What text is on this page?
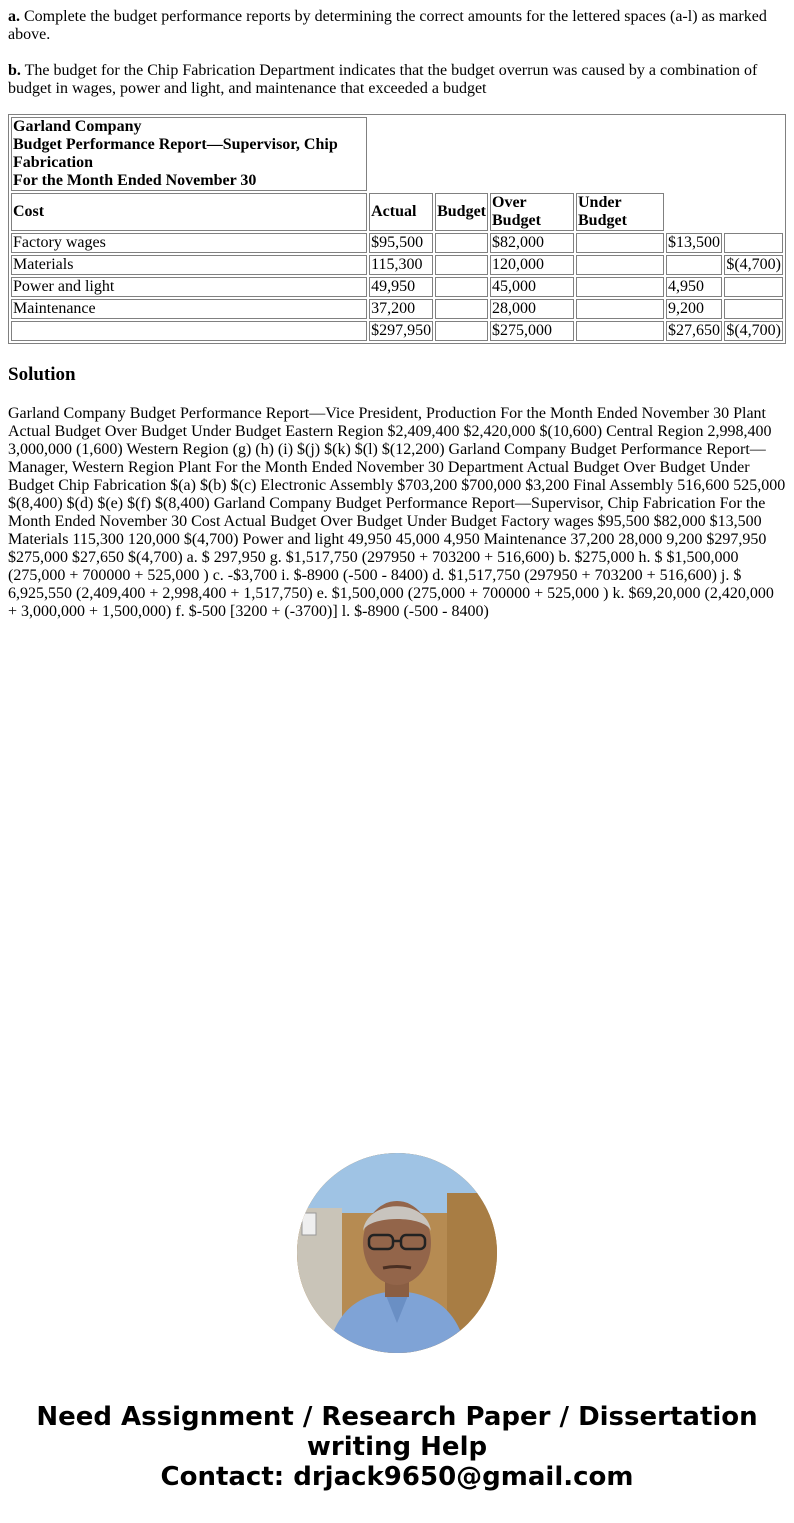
a. Complete the budget performance reports by determining the correct amounts for the lettered spaces (a-l) as marked above.

b. The budget for the Chip Fabrication Department indicates that the budget overrun was caused by a combination of budget in wages, power and light, and maintenance that exceeded a budget

Garland Company
Budget Performance Report—Supervisor, Chip Fabrication
For the Month Ended November 30						
Cost	Actual	Budget	Over Budget	Under Budget		
Factory wages	$95,500		$82,000		$13,500	
Materials	115,300		120,000			$(4,700)
Power and light	49,950		45,000		4,950	
Maintenance	37,200		28,000		9,200	
	$297,950		$275,000		$27,650	$(4,700)
Solution

Garland Company Budget Performance Report—Vice President, Production For the Month Ended November 30 Plant Actual Budget Over Budget Under Budget Eastern Region $2,409,400 $2,420,000 $(10,600) Central Region 2,998,400 3,000,000 (1,600) Western Region (g) (h) (i) $(j) $(k) $(l) $(12,200) Garland Company Budget Performance Report—Manager, Western Region Plant For the Month Ended November 30 Department Actual Budget Over Budget Under Budget Chip Fabrication $(a) $(b) $(c) Electronic Assembly $703,200 $700,000 $3,200 Final Assembly 516,600 525,000 $(8,400) $(d) $(e) $(f) $(8,400) Garland Company Budget Performance Report—Supervisor, Chip Fabrication For the Month Ended November 30 Cost Actual Budget Over Budget Under Budget Factory wages $95,500 $82,000 $13,500 Materials 115,300 120,000 $(4,700) Power and light 49,950 45,000 4,950 Maintenance 37,200 28,000 9,200 $297,950 $275,000 $27,650 $(4,700) a. $ 297,950 g. $1,517,750 (297950 + 703200 + 516,600) b. $275,000 h. $ $1,500,000 (275,000 + 700000 + 525,000 ) c. -$3,700 i. $-8900 (-500 - 8400) d. $1,517,750 (297950 + 703200 + 516,600) j. $ 6,925,550 (2,409,400 + 2,998,400 + 1,517,750) e. $1,500,000 (275,000 + 700000 + 525,000 ) k. $69,20,000 (2,420,000 + 3,000,000 + 1,500,000) f. $-500 [3200 + (-3700)] l. $-8900 (-500 - 8400)

Need Assignment / Research Paper / Dissertation
writing Help
Contact: drjack9650@gmail.com
